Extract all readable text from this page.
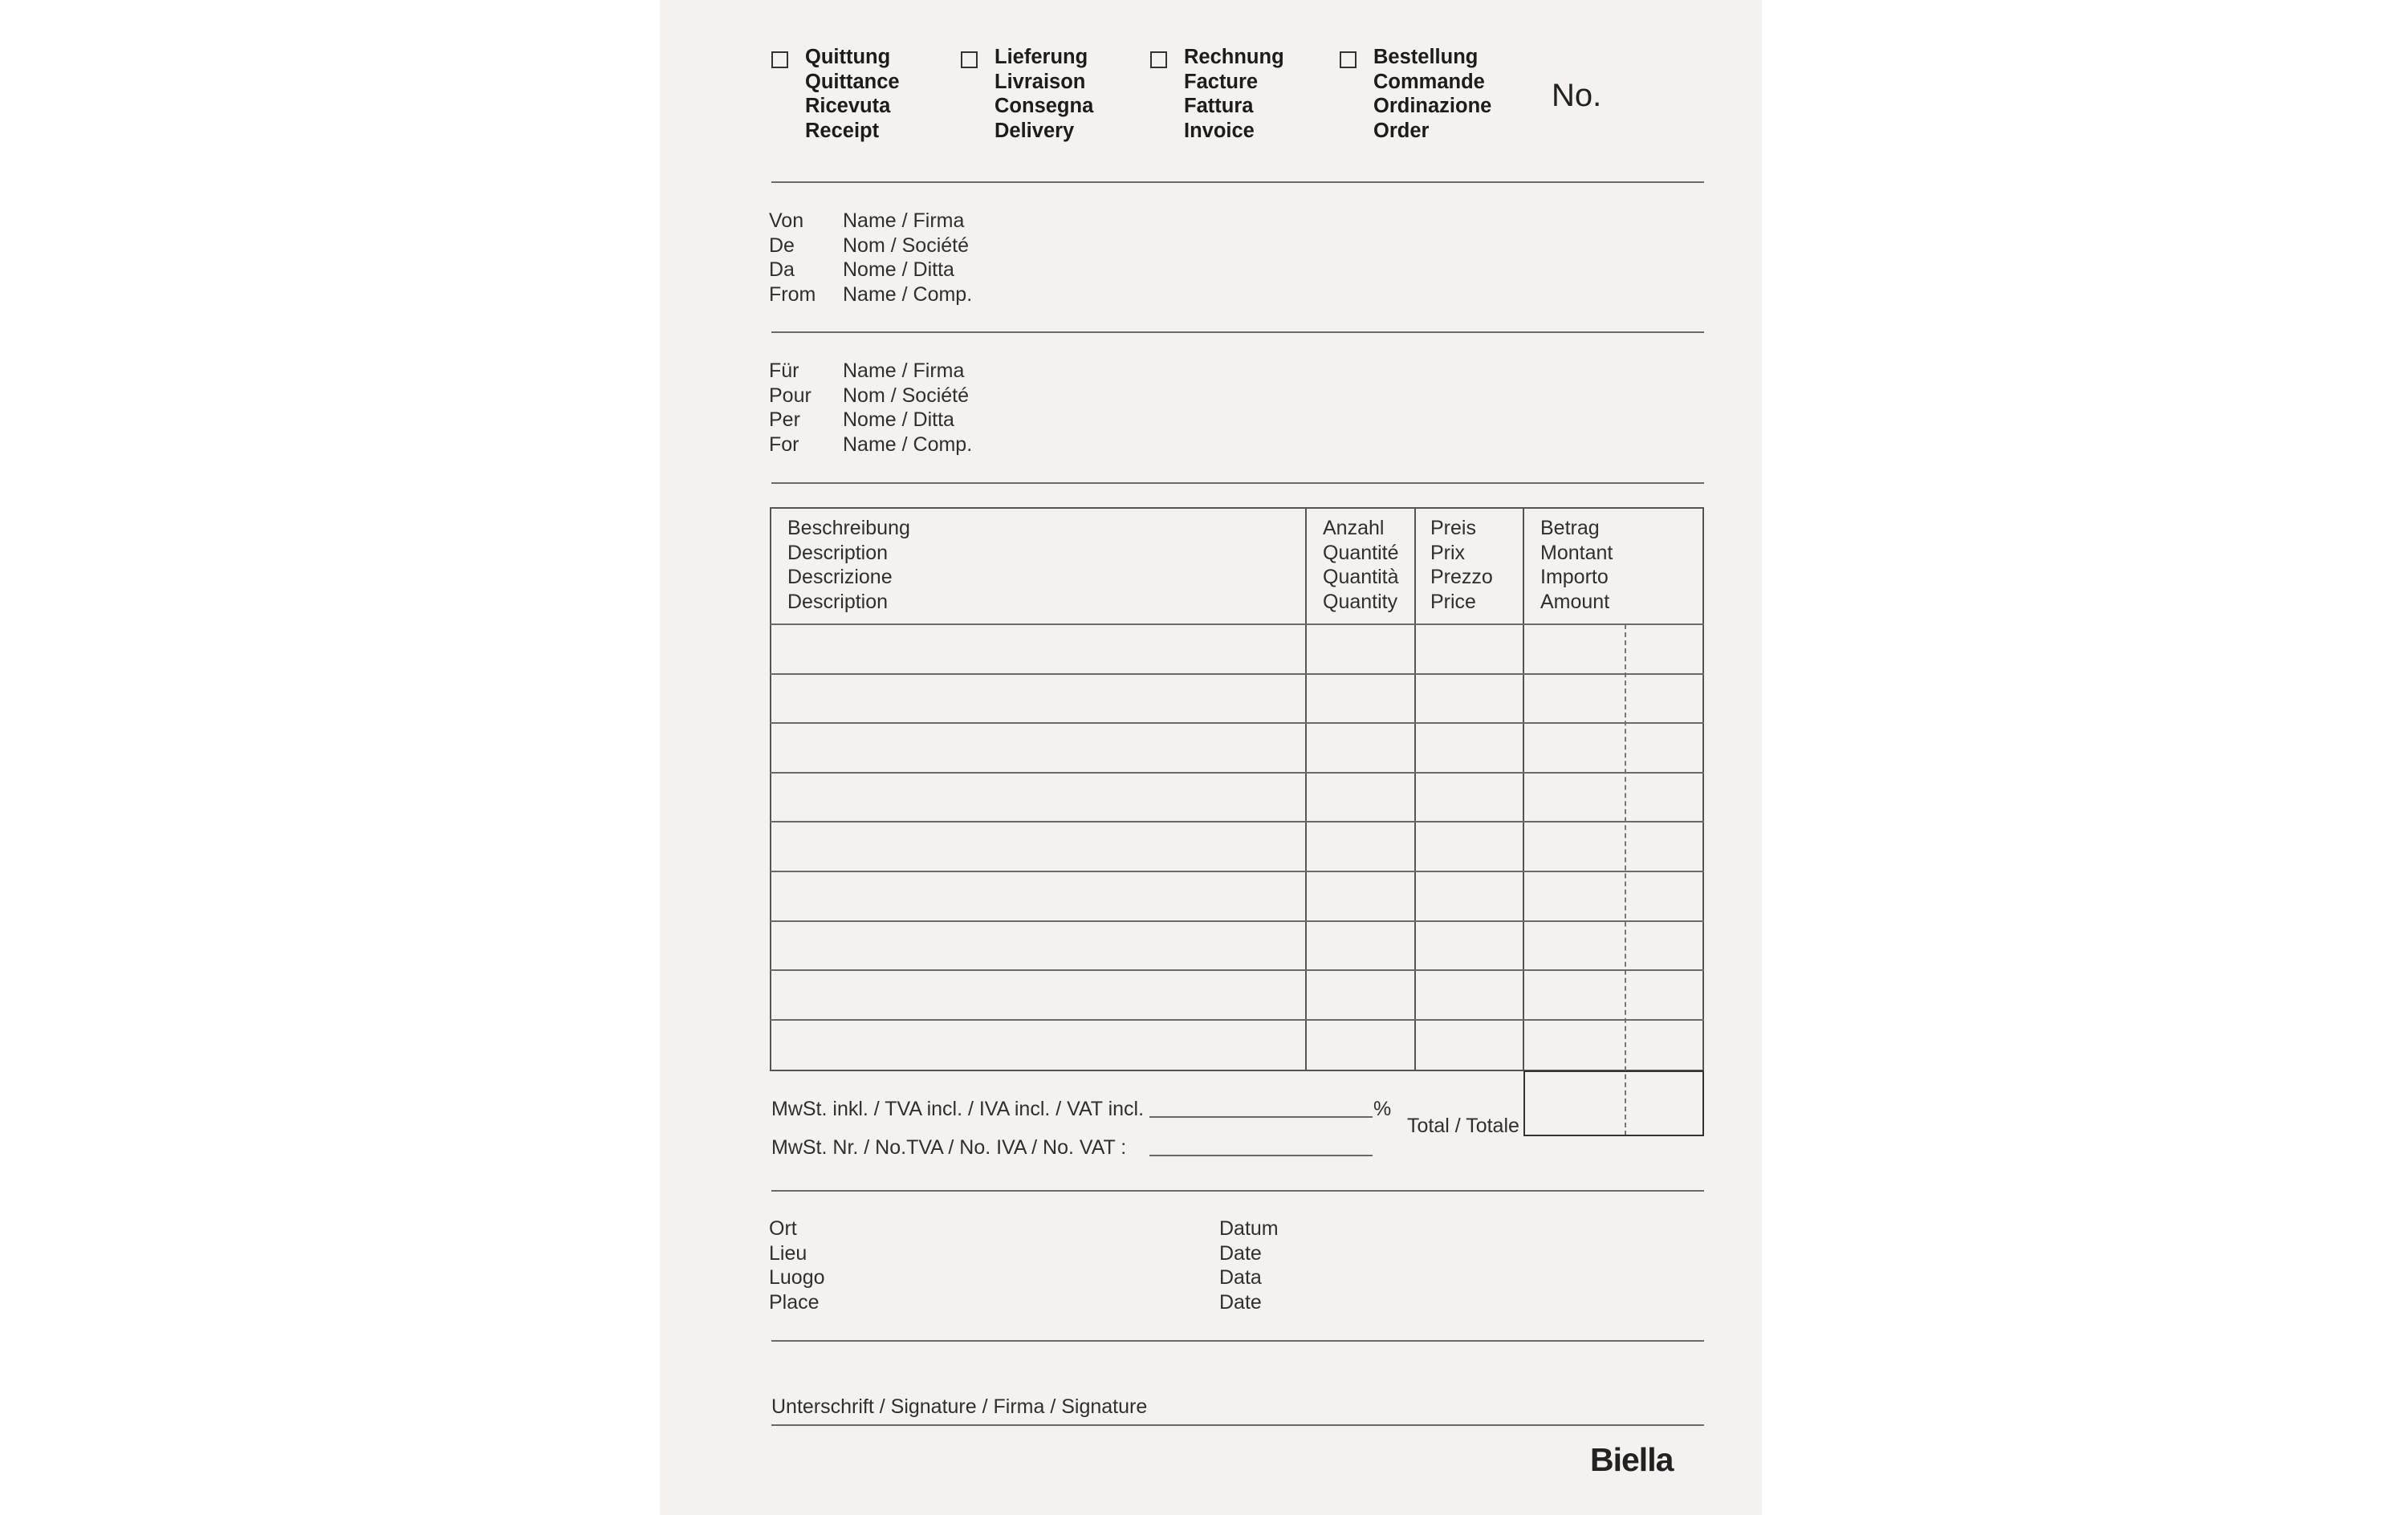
Quittung
Quittance
Ricevuta
Receipt
Lieferung
Livraison
Consegna
Delivery
Rechnung
Facture
Fattura
Invoice
Bestellung
Commande
Ordinazione
Order
No.
Von
De
Da
From
Name / Firma
Nom / Société
Nome / Ditta
Name / Comp.
Für
Pour
Per
For
Name / Firma
Nom / Société
Nome / Ditta
Name / Comp.
Beschreibung
Description
Descrizione
Description
Anzahl
Quantité
Quantità
Quantity
Preis
Prix
Prezzo
Price
Betrag
Montant
Importo
Amount
MwSt. inkl. / TVA incl. / IVA incl. / VAT incl.	%
MwSt. Nr. / No.TVA / No. IVA / No. VAT :
Total / Totale
Ort
Lieu
Luogo
Place
Datum
Date
Data
Date
Unterschrift / Signature / Firma / Signature
Biella
